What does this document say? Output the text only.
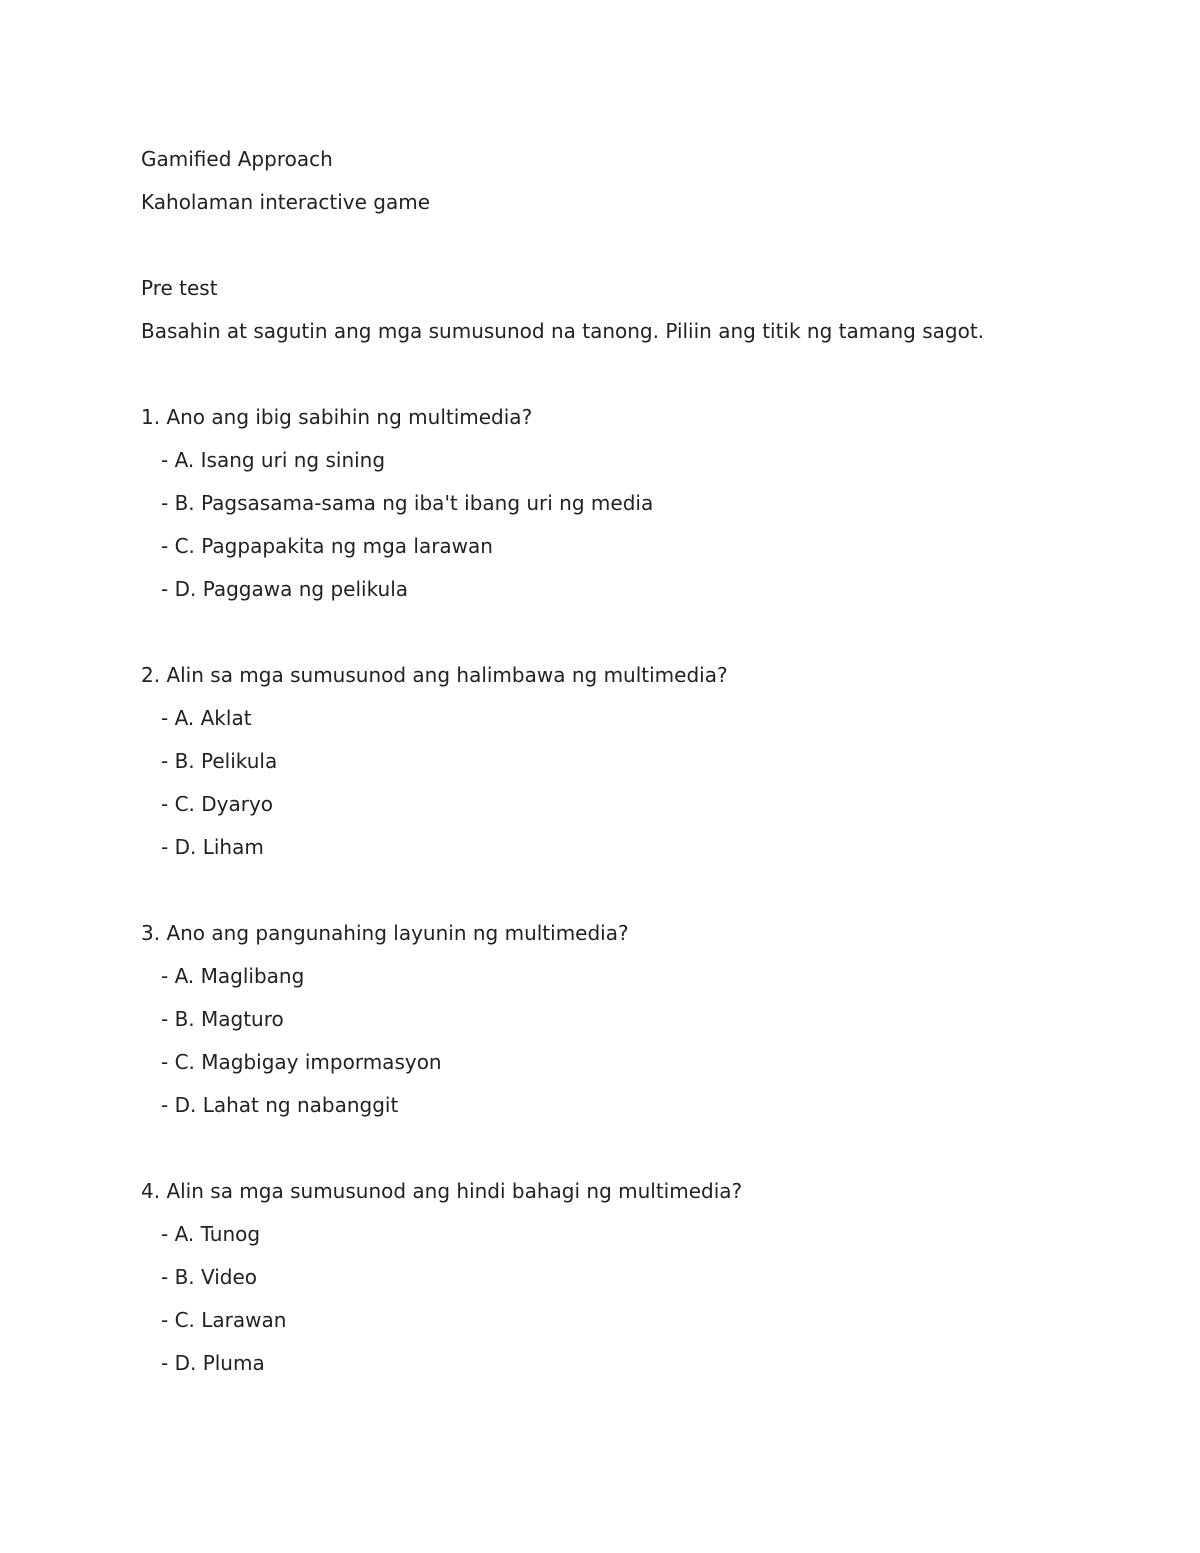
Gamified Approach
Kaholaman interactive game
Pre test
Basahin at sagutin ang mga sumusunod na tanong. Piliin ang titik ng tamang sagot.
1. Ano ang ibig sabihin ng multimedia?
- A. Isang uri ng sining
- B. Pagsasama-sama ng iba't ibang uri ng media
- C. Pagpapakita ng mga larawan
- D. Paggawa ng pelikula
2. Alin sa mga sumusunod ang halimbawa ng multimedia?
- A. Aklat
- B. Pelikula
- C. Dyaryo
- D. Liham
3. Ano ang pangunahing layunin ng multimedia?
- A. Maglibang
- B. Magturo
- C. Magbigay impormasyon
- D. Lahat ng nabanggit
4. Alin sa mga sumusunod ang hindi bahagi ng multimedia?
- A. Tunog
- B. Video
- C. Larawan
- D. Pluma
